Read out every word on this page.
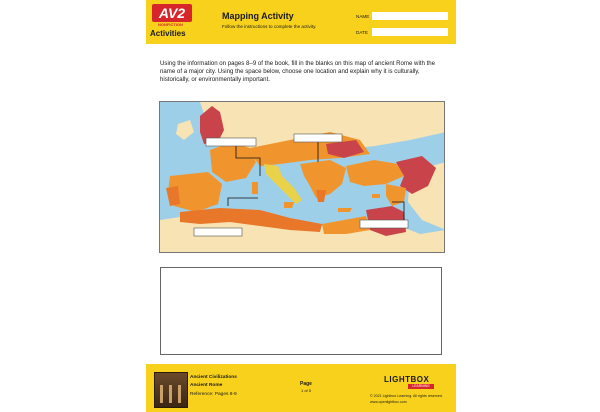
AV2
NONFICTION
Activities
Mapping Activity
Follow the instructions to complete the activity.
NAME
DATE
Using the information on pages 8–9 of the book, fill in the blanks on this map of ancient Rome with the name of a major city. Using the space below, choose one location and explain why it is culturally, historically, or environmentally important.
Ancient Civilizations
Ancient Rome
Reference: Pages 8-9
Page
1 of 5
LIGHTBOX
LEARNING
© 2021 Lightbox Learning. All rights reserved.
www.openlightbox.com
